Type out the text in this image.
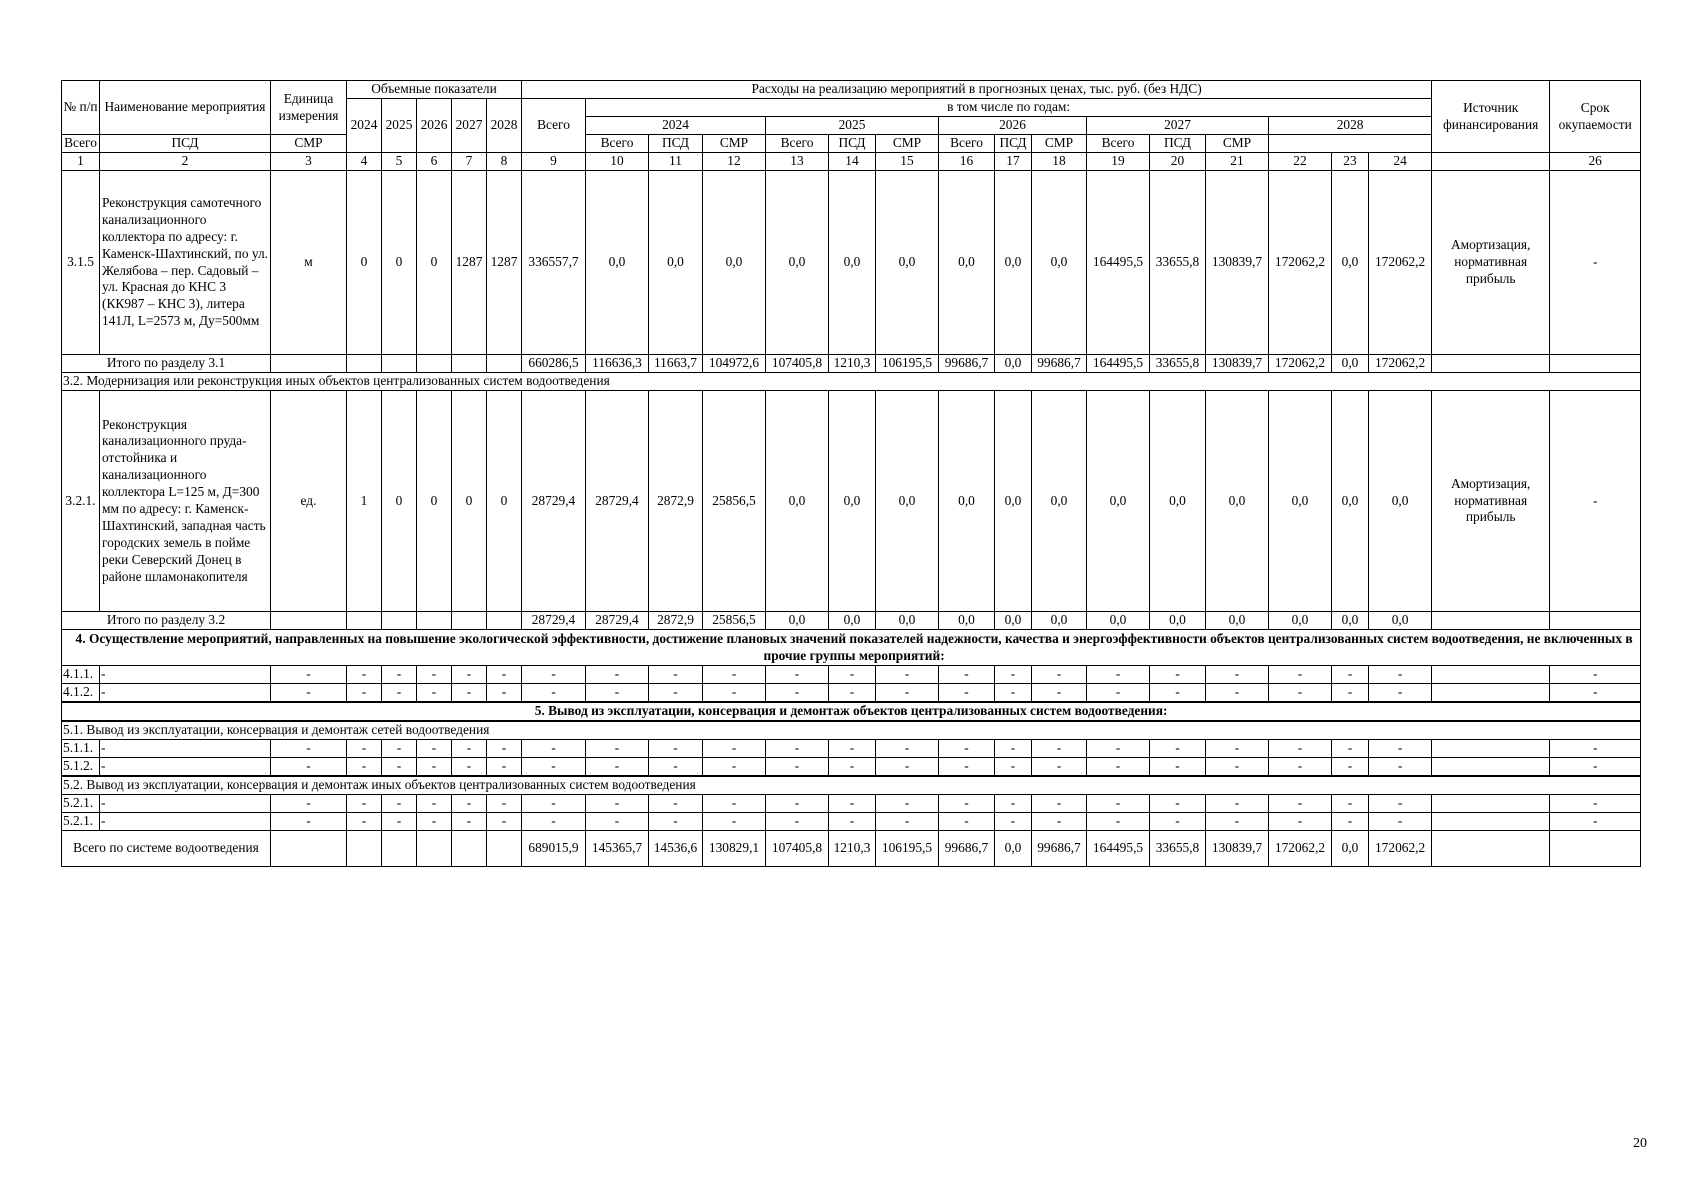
№ п/п	Наименование мероприятия	Единица измерения	Объемные показатели					Расходы на реализацию мероприятий в прогнозных ценах, тыс. руб. (без НДС)																Источник финансирования	Срок окупаемости
			2024	2025	2026	2027	2028	Всего	в том числе по годам:																
									2024			2025			2026			2027			2028				
Всего	ПСД	СМР							Всего	ПСД	СМР	Всего	ПСД	СМР	Всего	ПСД	СМР	Всего	ПСД	СМР					
1	2	3	4	5	6	7	8	9	10	11	12	13	14	15	16	17	18	19	20	21	22	23	24		26
3.1.5	Реконструкция самотечного канализационного коллектора по адресу: г. Каменск-Шахтинский, по ул. Желябова – пер. Садовый – ул. Красная до КНС 3 (КК987 – КНС 3), литера 141Л, L=2573 м, Ду=500мм	м	0	0	0	1287	1287	336557,7	0,0	0,0	0,0	0,0	0,0	0,0	0,0	0,0	0,0	164495,5	33655,8	130839,7	172062,2	0,0	172062,2	Амортизация, нормативная прибыль	-
Итого по разделу 3.1								660286,5	116636,3	11663,7	104972,6	107405,8	1210,3	106195,5	99686,7	0,0	99686,7	164495,5	33655,8	130839,7	172062,2	0,0	172062,2		
3.2. Модернизация или реконструкция иных объектов централизованных систем водоотведения																									
3.2.1.	Реконструкция канализационного пруда-отстойника и канализационного коллектора L=125 м, Д=300 мм по адресу: г. Каменск-Шахтинский, западная часть городских земель в пойме реки Северский Донец в районе шламонакопителя	ед.	1	0	0	0	0	28729,4	28729,4	2872,9	25856,5	0,0	0,0	0,0	0,0	0,0	0,0	0,0	0,0	0,0	0,0	0,0	0,0	Амортизация, нормативная прибыль	-
Итого по разделу 3.2								28729,4	28729,4	2872,9	25856,5	0,0	0,0	0,0	0,0	0,0	0,0	0,0	0,0	0,0	0,0	0,0	0,0		
4. Осуществление мероприятий, направленных на повышение экологической эффективности, достижение плановых значений показателей надежности, качества и энергоэффективности объектов централизованных систем водоотведения, не включенных в прочие группы мероприятий:																									
4.1.1.	-	-	-	-	-	-	-	-	-	-	-	-	-	-	-	-	-	-	-	-	-	-	-		-
4.1.2.	-	-	-	-	-	-	-	-	-	-	-	-	-	-	-	-	-	-	-	-	-	-	-		-
5. Вывод из эксплуатации, консервация и демонтаж объектов централизованных систем водоотведения:																									
5.1. Вывод из эксплуатации, консервация и демонтаж сетей водоотведения																									
5.1.1.	-	-	-	-	-	-	-	-	-	-	-	-	-	-	-	-	-	-	-	-	-	-	-		-
5.1.2.	-	-	-	-	-	-	-	-	-	-	-	-	-	-	-	-	-	-	-	-	-	-	-		-
5.2. Вывод из эксплуатации, консервация и демонтаж иных объектов централизованных систем водоотведения																									
5.2.1.	-	-	-	-	-	-	-	-	-	-	-	-	-	-	-	-	-	-	-	-	-	-	-		-
5.2.1.	-	-	-	-	-	-	-	-	-	-	-	-	-	-	-	-	-	-	-	-	-	-	-		-
Всего по системе водоотведения								689015,9	145365,7	14536,6	130829,1	107405,8	1210,3	106195,5	99686,7	0,0	99686,7	164495,5	33655,8	130839,7	172062,2	0,0	172062,2		
20
